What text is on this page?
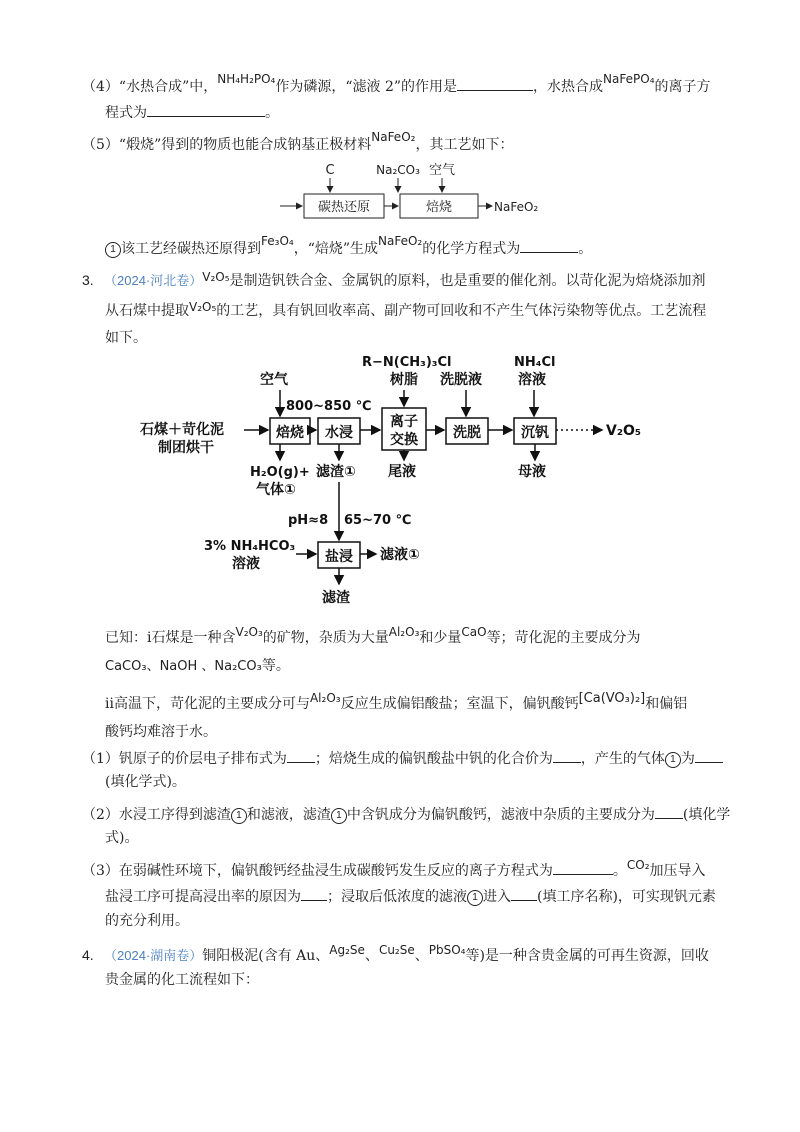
（4）“水热合成”中，NH₄H₂PO₄作为磷源，“滤液 2”的作用是	，水热合成NaFePO₄的离子方
程式为	。
（5）“煅烧”得到的物质也能合成钠基正极材料NaFeO₂，其工艺如下：
C	Na₂CO₃ 空气
碳热还原	焙烧	NaFeO₂
1 该工艺经碳热还原得到Fe₃O₄，“焙烧”生成NaFeO₂的化学方程式为	。
3. （2024·河北卷）V₂O₅是制造钒铁合金、金属钒的原料，也是重要的催化剂。以苛化泥为焙烧添加剂
从石煤中提取V₂O₅的工艺，具有钒回收率高、副产物可回收和不产生气体污染物等优点。工艺流程
如下。
石煤＋苛化泥
制团烘干
空气
800~850 ℃
焙烧 水浸
R−N(CH₃)₃Cl
树脂
离子
交换
洗脱液
洗脱
NH₄Cl
溶液
沉钒	V₂O₅
H₂O(g)+
气体①
滤渣① 尾液	母液
pH≈8 65~70 ℃
3% NH₄HCO₃
溶液	盐浸 滤液①
滤渣
已知：ⅰ石煤是一种含V₂O₃的矿物，杂质为大量Al₂O₃和少量CaO等；苛化泥的主要成分为
CaCO₃、NaOH 、Na₂CO₃等。
ⅱ高温下，苛化泥的主要成分可与Al₂O₃反应生成偏铝酸盐；室温下，偏钒酸钙[Ca(VO₃)₂]和偏铝
酸钙均难溶于水。
（1）钒原子的价层电子排布式为 ；焙烧生成的偏钒酸盐中钒的化合价为 ，产生的气体 1 为
(填化学式)。
（2）水浸工序得到滤渣 1 和滤液，滤渣 1 中含钒成分为偏钒酸钙，滤液中杂质的主要成分为 (填化学
式)。
（3）在弱碱性环境下，偏钒酸钙经盐浸生成碳酸钙发生反应的离子方程式为	。CO₂加压导入
盐浸工序可提高浸出率的原因为 ；浸取后低浓度的滤液 1 进入 (填工序名称)，可实现钒元素
的充分利用。
4. （2024·湖南卷）铜阳极泥(含有 Au、Ag₂Se、Cu₂Se、PbSO₄等)是一种含贵金属的可再生资源，回收
贵金属的化工流程如下：
